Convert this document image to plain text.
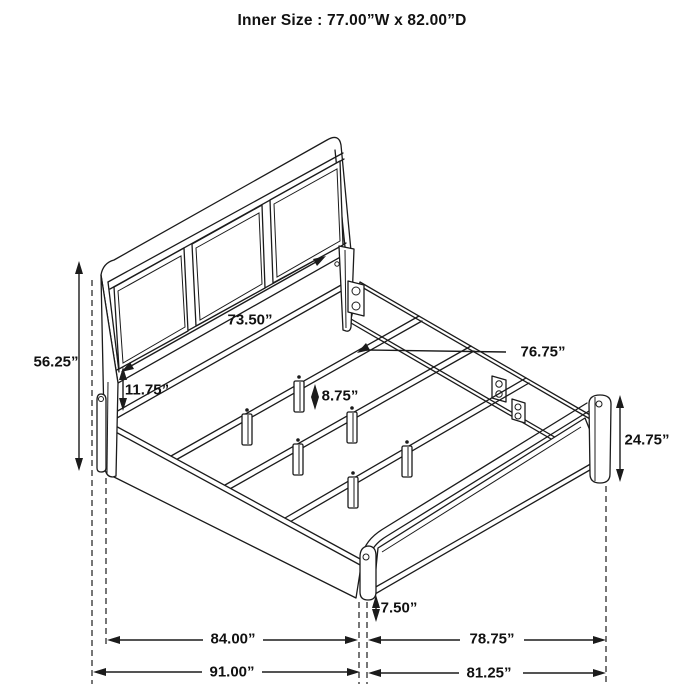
Inner Size : 77.00”W x 82.00”D
73.50”
76.75”
56.25”
11.75”	8.75”
24.75”
7.50”
84.00”	78.75”
91.00”	81.25”
